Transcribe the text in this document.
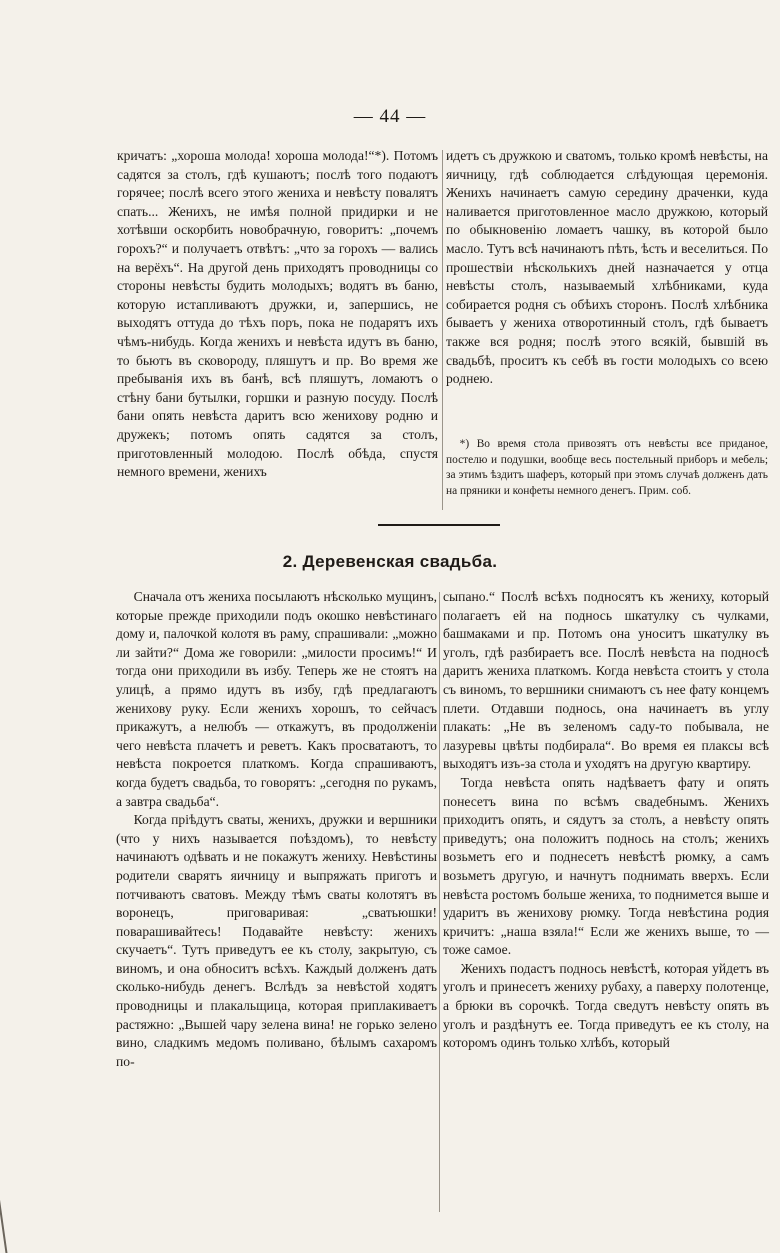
— 44 —

кричатъ: „хороша молода! хороша молода!“*). Потомъ садятся за столъ, гдѣ кушаютъ; послѣ того подаютъ горячее; послѣ всего этого жениха и невѣсту повалятъ спать... Женихъ, не имѣя полной придирки и не хотѣвши оскорбить новобрачную, говоритъ: „почемъ горохъ?“ и получаетъ отвѣтъ: „что за горохъ — вались на верёхъ“. На другой день приходятъ проводницы со стороны невѣсты будить молодыхъ; водятъ въ баню, которую истапливаютъ дружки, и, запершись, не выходятъ оттуда до тѣхъ поръ, пока не подарятъ ихъ чѣмъ-нибудь. Когда женихъ и невѣста идутъ въ баню, то бьютъ въ сковороду, пляшутъ и пр. Во время же пребыванія ихъ въ банѣ, всѣ пляшутъ, ломаютъ о стѣну бани бутылки, горшки и разную посуду. Послѣ бани опять невѣста даритъ всю женихову родню и дружекъ; потомъ опять садятся за столъ, приготовленный молодою. Послѣ обѣда, спустя немного времени, женихъ

идетъ съ дружкою и сватомъ, только кромѣ невѣсты, на яичницу, гдѣ соблюдается слѣдующая церемонія. Женихъ начинаетъ самую середину драченки, куда наливается приготовленное масло дружкою, который по обыкновенію ломаетъ чашку, въ которой было масло. Тутъ всѣ начинаютъ пѣть, ѣсть и веселиться. По прошествіи нѣсколькихъ дней назначается у отца невѣсты столъ, называемый хлѣбниками, куда собирается родня съ обѣихъ сторонъ. Послѣ хлѣбника бываетъ у жениха отворотинный столъ, гдѣ бываетъ также вся родня; послѣ этого всякій, бывшій въ свадьбѣ, проситъ къ себѣ въ гости молодыхъ со всею роднею.

*) Во время стола привозятъ отъ невѣсты все приданое, постелю и подушки, вообще весь постельный приборъ и мебель; за этимъ ѣздитъ шаферъ, который при этомъ случаѣ долженъ дать на пряники и конфеты немного денегъ. Прим. соб.

2. Деревенская свадьба.

Сначала отъ жениха посылаютъ нѣсколько мущинъ, которые прежде приходили подъ окошко невѣстинаго дому и, палочкой колотя въ раму, спрашивали: „можно ли зайти?“ Дома же говорили: „милости просимъ!“ И тогда они приходили въ избу. Теперь же не стоятъ на улицѣ, а прямо идутъ въ избу, гдѣ предлагаютъ женихову руку. Если женихъ хорошъ, то сейчасъ прикажутъ, а нелюбъ — откажутъ, въ продолженіи чего невѣста плачетъ и реветъ. Какъ просватаютъ, то невѣста покроется платкомъ. Когда спрашиваютъ, когда будетъ свадьба, то говорятъ: „сегодня по рукамъ, а завтра свадьба“.

Когда пріѣдутъ сваты, женихъ, дружки и вершники (что у нихъ называется поѣздомъ), то невѣсту начинаютъ одѣвать и не покажутъ жениху. Невѣстины родители сварятъ яичницу и выпряжать приготъ и потчиваютъ сватовъ. Между тѣмъ сваты колотятъ въ воронецъ, приговаривая: „сватьюшки! поварашивайтесь! Подавайте невѣсту: женихъ скучаетъ“. Тутъ приведутъ ее къ столу, закрытую, съ виномъ, и она обноситъ всѣхъ. Каждый долженъ дать сколько-нибудь денегъ. Вслѣдъ за невѣстой ходятъ проводницы и плакальщица, которая приплакиваетъ растяжно: „Вышей чару зелена вина! не горько зелено вино, сладкимъ медомъ поливано, бѣлымъ сахаромъ по-

сыпано.“ Послѣ всѣхъ подносятъ къ жениху, который полагаетъ ей на поднось шкатулку съ чулками, башмаками и пр. Потомъ она уноситъ шкатулку въ уголъ, гдѣ разбираетъ все. Послѣ невѣста на подносѣ даритъ жениха платкомъ. Когда невѣста стоитъ у стола съ виномъ, то вершники снимаютъ съ нее фату концемъ плети. Отдавши поднось, она начинаетъ въ углу плакать: „Не въ зеленомъ саду-то побывала, не лазуревы цвѣты подбирала“. Во время ея плаксы всѣ выходятъ изъ-за стола и уходятъ на другую квартиру.

Тогда невѣста опять надѣваетъ фату и опять понесетъ вина по всѣмъ свадебнымъ. Женихъ приходитъ опять, и сядутъ за столъ, а невѣсту опять приведутъ; она положитъ поднось на столъ; женихъ возьметъ его и поднесетъ невѣстѣ рюмку, а самъ возьметъ другую, и начнутъ поднимать вверхъ. Если невѣста ростомъ больше жениха, то поднимется выше и ударитъ въ женихову рюмку. Тогда невѣстина родия кричитъ: „наша взяла!“ Если же женихъ выше, то — тоже самое.

Женихъ подастъ поднось невѣстѣ, которая уйдетъ въ уголъ и принесетъ жениху рубаху, а паверху полотенце, а брюки въ сорочкѣ. Тогда сведутъ невѣсту опять въ уголъ и раздѣнутъ ее. Тогда приведутъ ее къ столу, на которомъ одинъ только хлѣбъ, который
